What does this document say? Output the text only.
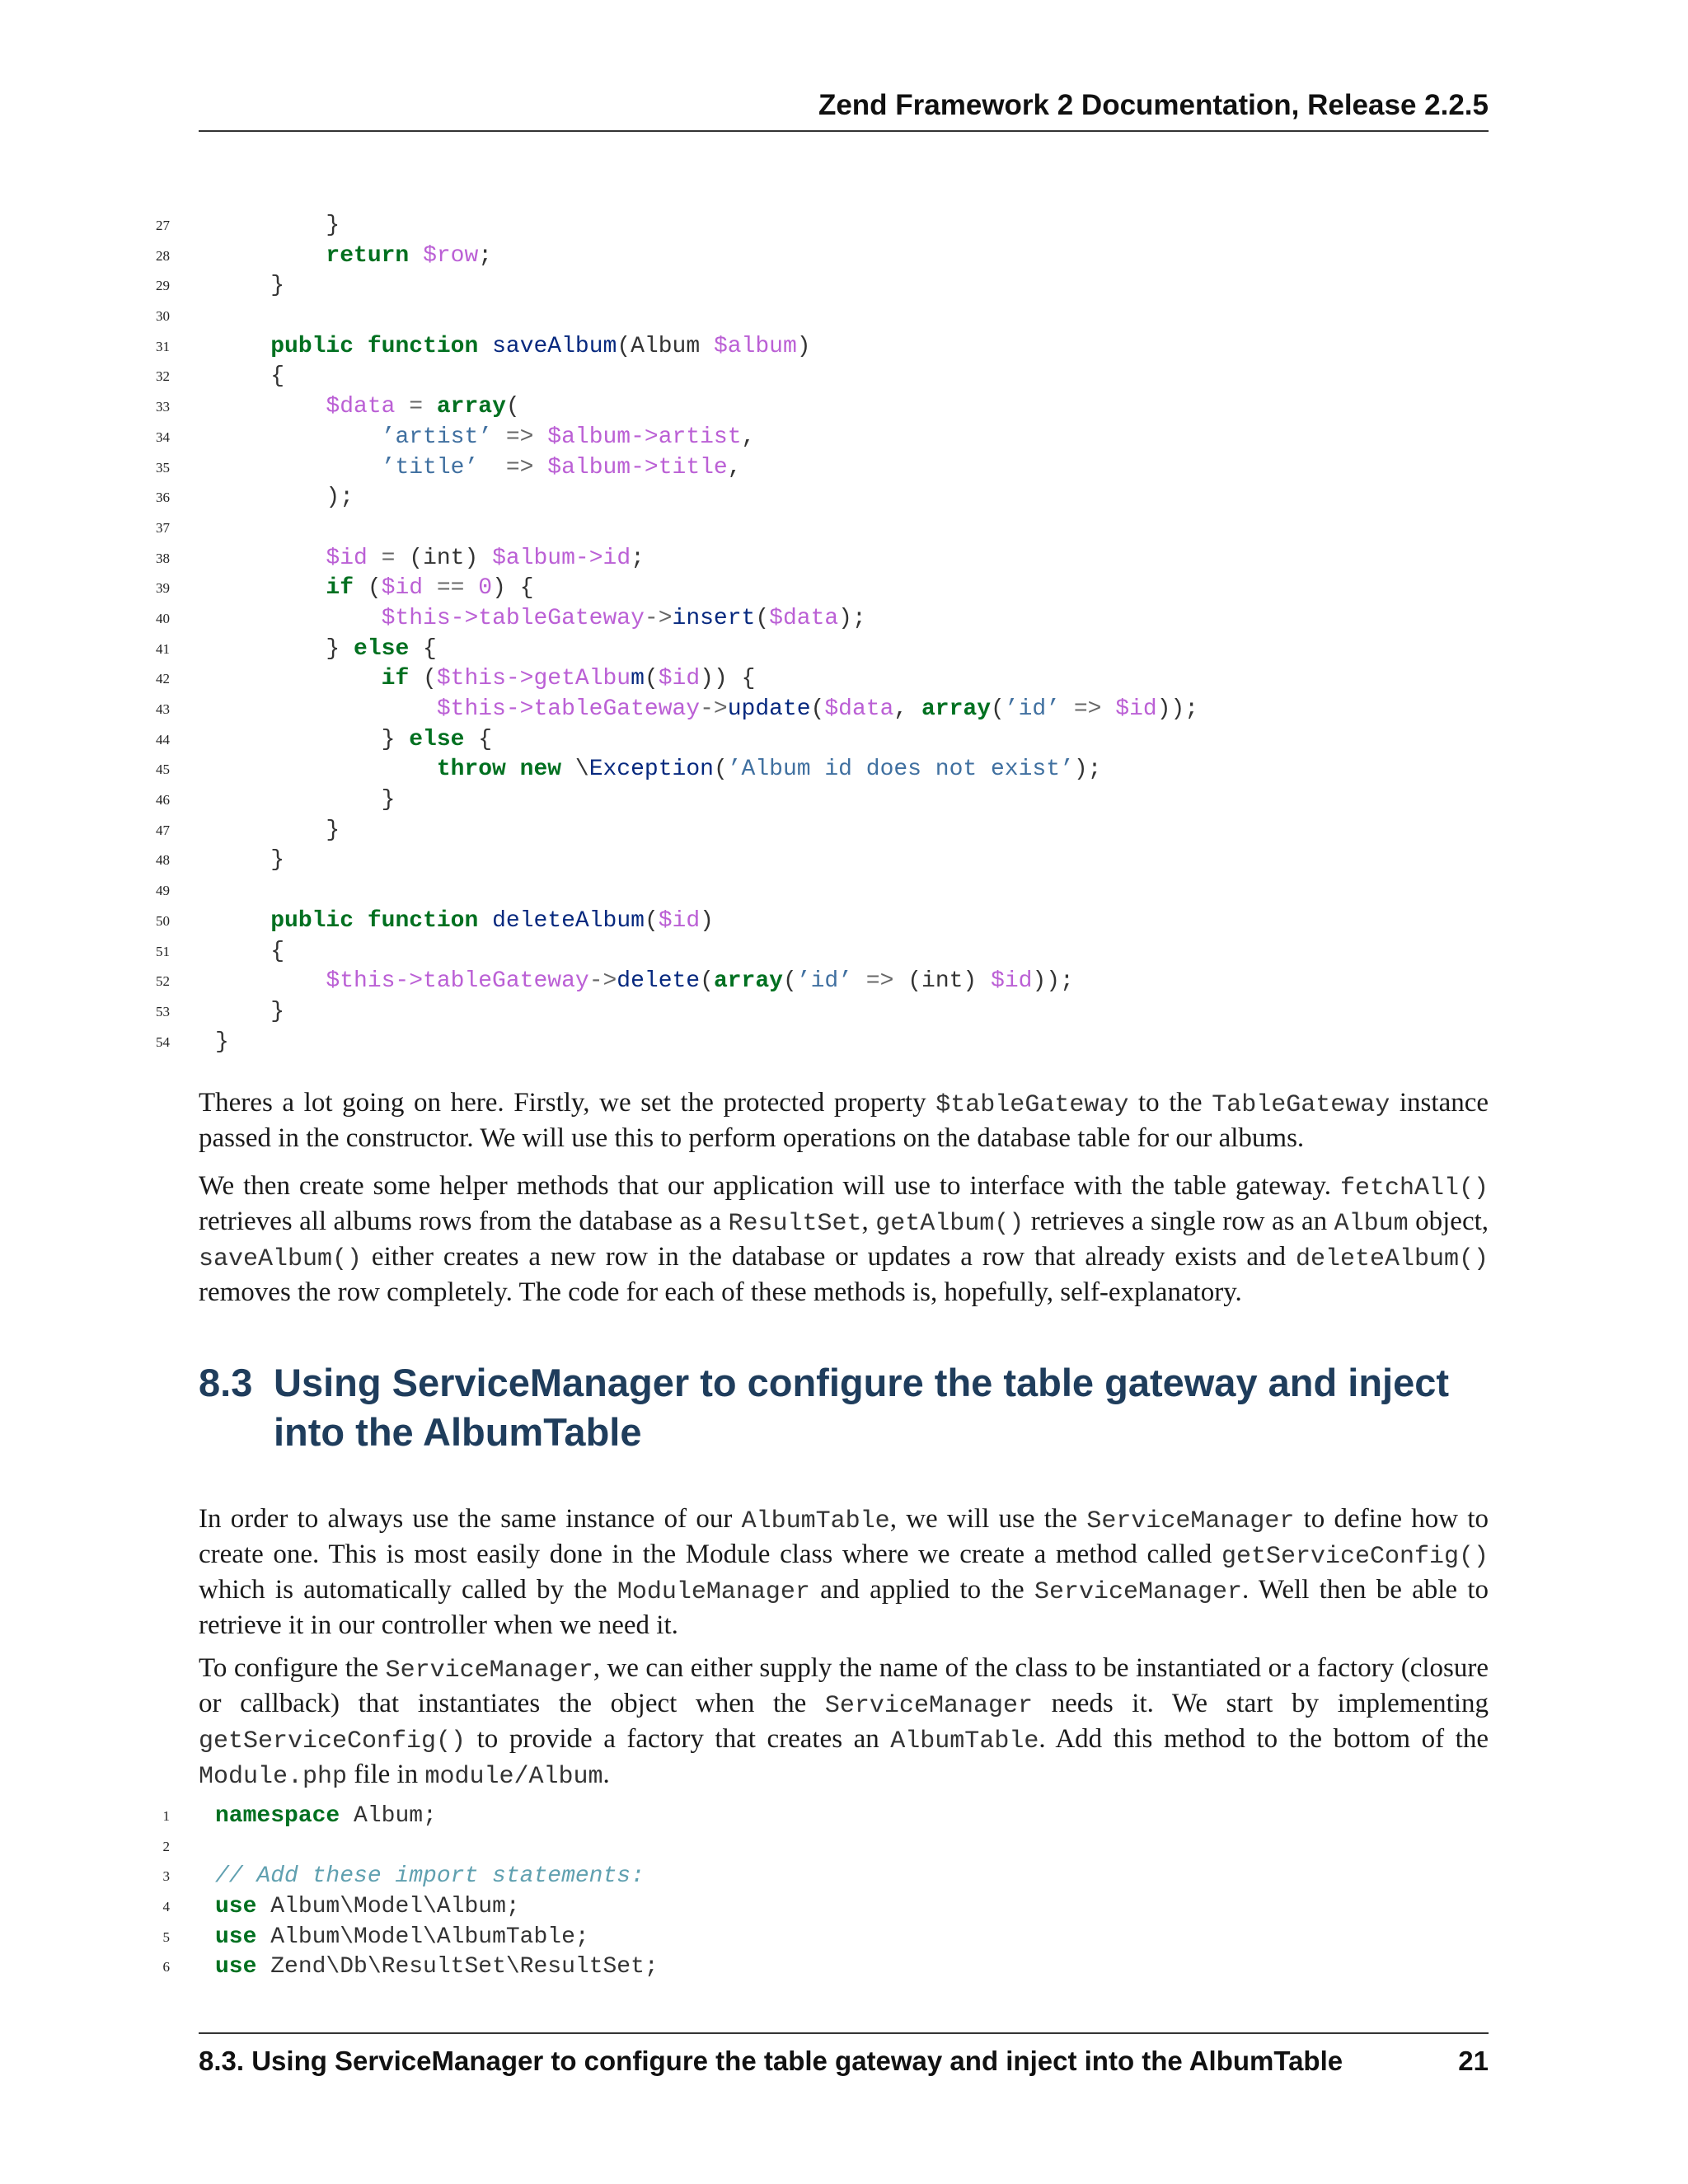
Zend Framework 2 Documentation, Release 2.2.5
27 }
28	return $row;
29 }
30
31	public function saveAlbum(Album $album)
32 {
33	$data = array(
34	’artist’ => $album->artist,
35	’title’ => $album->title,
36 );
37
38	$id = (int) $album->id;
39	if ($id == 0) {
40	$this->tableGateway->insert($data);
41 } else {
42	if ($this->getAlbum($id)) {
43	$this->tableGateway->update($data, array(’id’ => $id));
44 } else {
45	throw new \Exception(’Album id does not exist’);
46 }
47 }
48 }
49
50	public function deleteAlbum($id)
51 {
52	$this->tableGateway->delete(array(’id’ => (int) $id));
53 }
54 }

Theres a lot going on here. Firstly, we set the protected property $tableGateway to the TableGateway instance passed in the constructor. We will use this to perform operations on the database table for our albums.

We then create some helper methods that our application will use to interface with the table gateway. fetchAll() retrieves all albums rows from the database as a ResultSet, getAlbum() retrieves a single row as an Album object, saveAlbum() either creates a new row in the database or updates a row that already exists and deleteAlbum() removes the row completely. The code for each of these methods is, hopefully, self-explanatory.

8.3 Using ServiceManager to configure the table gateway and inject into the AlbumTable

In order to always use the same instance of our AlbumTable, we will use the ServiceManager to define how to create one. This is most easily done in the Module class where we create a method called getServiceConfig() which is automatically called by the ModuleManager and applied to the ServiceManager. Well then be able to retrieve it in our controller when we need it.

To configure the ServiceManager, we can either supply the name of the class to be instantiated or a factory (closure or callback) that instantiates the object when the ServiceManager needs it. We start by implementing getServiceConfig() to provide a factory that creates an AlbumTable. Add this method to the bottom of the Module.php file in module/Album.

1 namespace Album;
2
3 // Add these import statements:
4 use Album\Model\Album;
5 use Album\Model\AlbumTable;
6 use Zend\Db\ResultSet\ResultSet;
8.3. Using ServiceManager to configure the table gateway and inject into the AlbumTable	21
